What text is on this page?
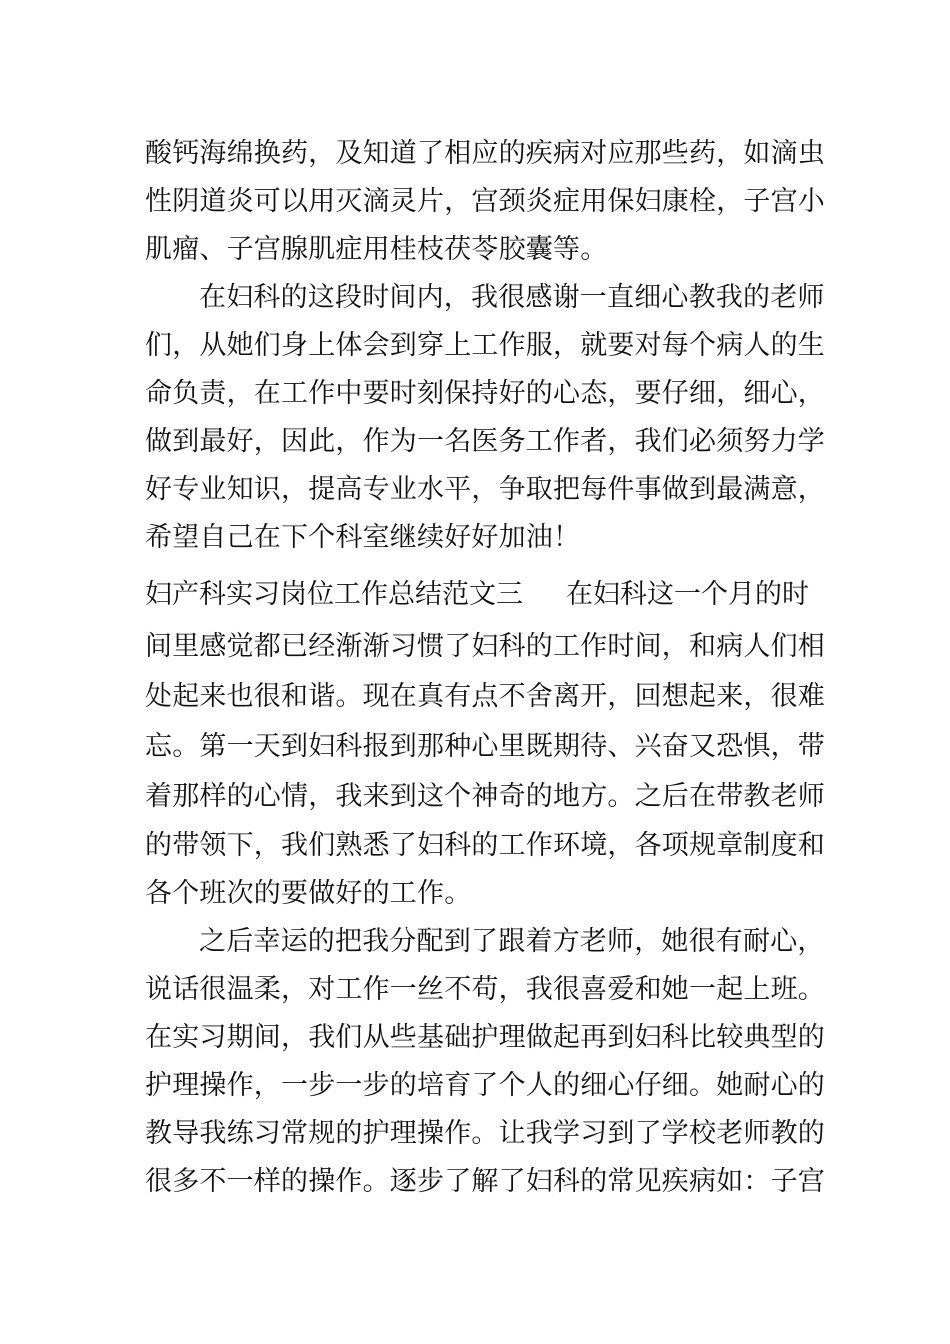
酸钙海绵换药，及知道了相应的疾病对应那些药，如滴虫
性阴道炎可以用灭滴灵片，宫颈炎症用保妇康栓，子宫小
肌瘤、子宫腺肌症用桂枝茯苓胶囊等。
在妇科的这段时间内，我很感谢一直细心教我的老师
们，从她们身上体会到穿上工作服，就要对每个病人的生
命负责，在工作中要时刻保持好的心态，要仔细，细心，
做到最好，因此，作为一名医务工作者，我们必须努力学
好专业知识，提高专业水平，争取把每件事做到最满意，
希望自己在下个科室继续好好加油！
妇产科实习岗位工作总结范文三 在妇科这一个月的时
间里感觉都已经渐渐习惯了妇科的工作时间，和病人们相
处起来也很和谐。现在真有点不舍离开，回想起来，很难
忘。第一天到妇科报到那种心里既期待、兴奋又恐惧，带
着那样的心情，我来到这个神奇的地方。之后在带教老师
的带领下，我们熟悉了妇科的工作环境，各项规章制度和
各个班次的要做好的工作。
之后幸运的把我分配到了跟着方老师，她很有耐心，
说话很温柔，对工作一丝不苟，我很喜爱和她一起上班。
在实习期间，我们从些基础护理做起再到妇科比较典型的
护理操作，一步一步的培育了个人的细心仔细。她耐心的
教导我练习常规的护理操作。让我学习到了学校老师教的
很多不一样的操作。逐步了解了妇科的常见疾病如：子宫
